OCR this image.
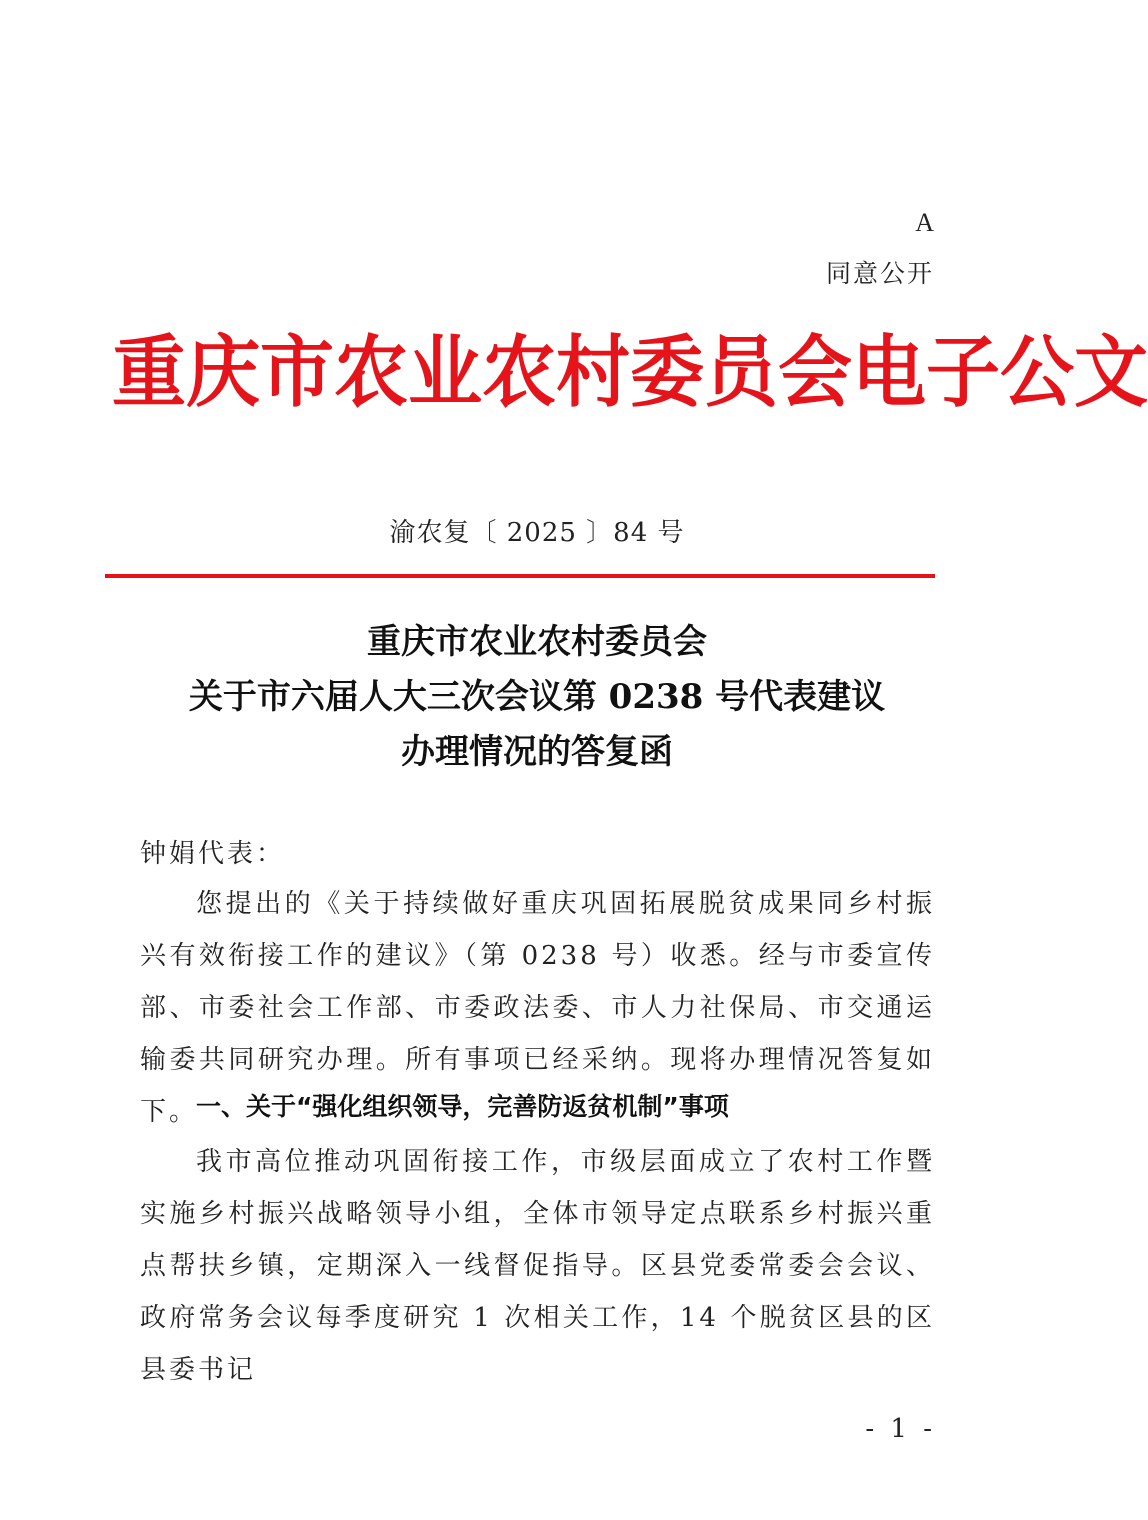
A
同意公开
重庆市农业农村委员会电子公文
渝农复〔 2025 〕84 号
重庆市农业农村委员会
关于市六届人大三次会议第 0238 号代表建议
办理情况的答复函
钟娟代表：
您提出的《关于持续做好重庆巩固拓展脱贫成果同乡村振兴有效衔接工作的建议》（第 0238 号）收悉。经与市委宣传部、市委社会工作部、市委政法委、市人力社保局、市交通运输委共同研究办理。所有事项已经采纳。现将办理情况答复如下。
一、关于“强化组织领导，完善防返贫机制”事项
我市高位推动巩固衔接工作，市级层面成立了农村工作暨实施乡村振兴战略领导小组，全体市领导定点联系乡村振兴重点帮扶乡镇，定期深入一线督促指导。区县党委常委会会议、政府常务会议每季度研究 1 次相关工作，14 个脱贫区县的区县委书记
- 1 -
